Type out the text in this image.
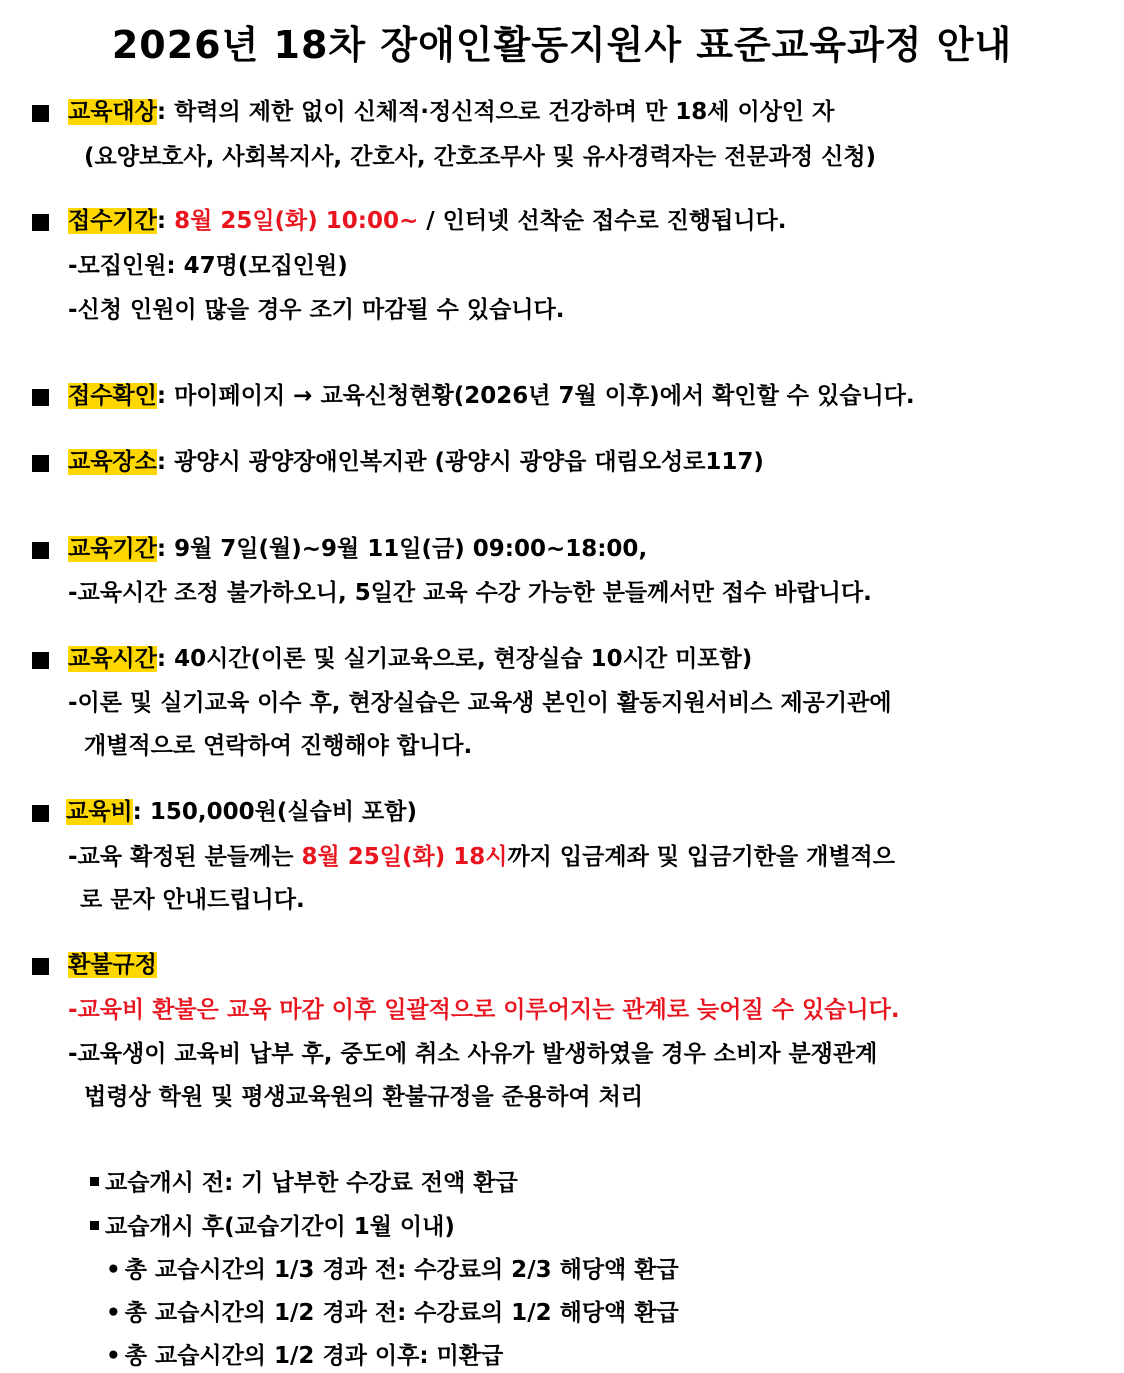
2026년 18차 장애인활동지원사 표준교육과정 안내
교육대상: 학력의 제한 없이 신체적·정신적으로 건강하며 만 18세 이상인 자
(요양보호사, 사회복지사, 간호사, 간호조무사 및 유사경력자는 전문과정 신청)
접수기간: 8월 25일(화) 10:00~ / 인터넷 선착순 접수로 진행됩니다.
-모집인원: 47명(모집인원)
-신청 인원이 많을 경우 조기 마감될 수 있습니다.
접수확인: 마이페이지 → 교육신청현황(2026년 7월 이후)에서 확인할 수 있습니다.
교육장소: 광양시 광양장애인복지관 (광양시 광양읍 대림오성로117)
교육기간: 9월 7일(월)~9월 11일(금) 09:00~18:00,
-교육시간 조정 불가하오니, 5일간 교육 수강 가능한 분들께서만 접수 바랍니다.
교육시간: 40시간(이론 및 실기교육으로, 현장실습 10시간 미포함)
-이론 및 실기교육 이수 후, 현장실습은 교육생 본인이 활동지원서비스 제공기관에
개별적으로 연락하여 진행해야 합니다.
교육비: 150,000원(실습비 포함)
-교육 확정된 분들께는 8월 25일(화) 18시까지 입금계좌 및 입금기한을 개별적으
로 문자 안내드립니다.
환불규정
-교육비 환불은 교육 마감 이후 일괄적으로 이루어지는 관계로 늦어질 수 있습니다.
-교육생이 교육비 납부 후, 중도에 취소 사유가 발생하였을 경우 소비자 분쟁관계
법령상 학원 및 평생교육원의 환불규정을 준용하여 처리
교습개시 전: 기 납부한 수강료 전액 환급
교습개시 후(교습기간이 1월 이내)
• 총 교습시간의 1/3 경과 전: 수강료의 2/3 해당액 환급
• 총 교습시간의 1/2 경과 전: 수강료의 1/2 해당액 환급
• 총 교습시간의 1/2 경과 이후: 미환급
